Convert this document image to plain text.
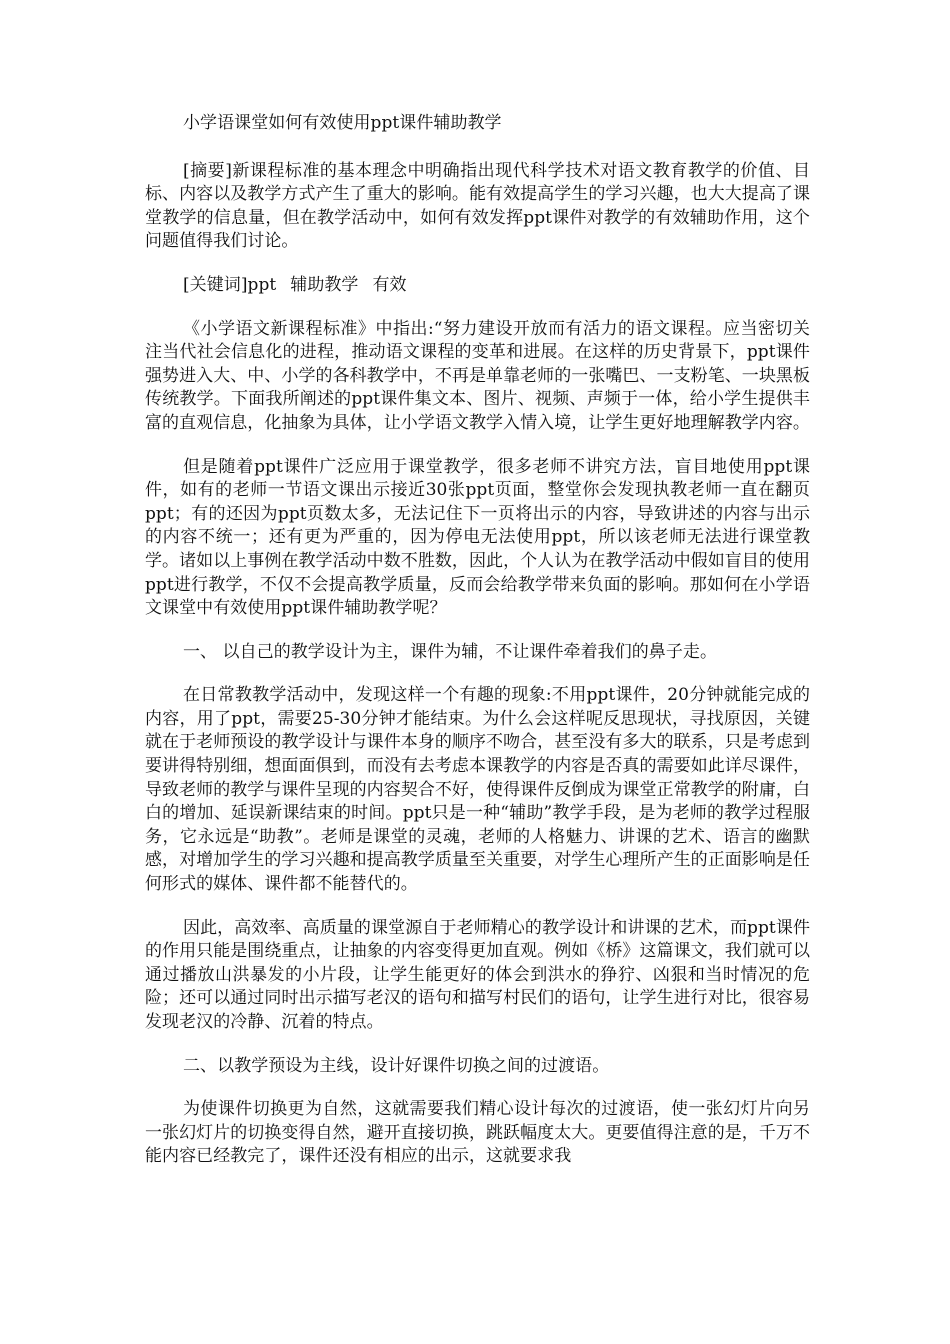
小学语课堂如何有效使用ppt课件辅助教学

[摘要]新课程标准的基本理念中明确指出现代科学技术对语文教育教学的价值、目标、内容以及教学方式产生了重大的影响。能有效提高学生的学习兴趣，也大大提高了课堂教学的信息量，但在教学活动中，如何有效发挥ppt课件对教学的有效辅助作用，这个问题值得我们讨论。

[关键词]ppt 辅助教学 有效

《小学语文新课程标准》中指出:“努力建设开放而有活力的语文课程。应当密切关注当代社会信息化的进程，推动语文课程的变革和进展。在这样的历史背景下，ppt课件强势进入大、中、小学的各科教学中，不再是单靠老师的一张嘴巴、一支粉笔、一块黑板传统教学。下面我所阐述的ppt课件集文本、图片、视频、声频于一体，给小学生提供丰富的直观信息，化抽象为具体，让小学语文教学入情入境，让学生更好地理解教学内容。

但是随着ppt课件广泛应用于课堂教学，很多老师不讲究方法，盲目地使用ppt课件，如有的老师一节语文课出示接近30张ppt页面，整堂你会发现执教老师一直在翻页ppt；有的还因为ppt页数太多，无法记住下一页将出示的内容，导致讲述的内容与出示的内容不统一；还有更为严重的，因为停电无法使用ppt，所以该老师无法进行课堂教学。诸如以上事例在教学活动中数不胜数，因此，个人认为在教学活动中假如盲目的使用ppt进行教学，不仅不会提高教学质量，反而会给教学带来负面的影响。那如何在小学语文课堂中有效使用ppt课件辅助教学呢？

一、 以自己的教学设计为主，课件为辅，不让课件牵着我们的鼻子走。

在日常教教学活动中，发现这样一个有趣的现象:不用ppt课件，20分钟就能完成的内容，用了ppt，需要25-30分钟才能结束。为什么会这样呢反思现状，寻找原因，关键就在于老师预设的教学设计与课件本身的顺序不吻合，甚至没有多大的联系，只是考虑到要讲得特别细，想面面俱到，而没有去考虑本课教学的内容是否真的需要如此详尽课件，导致老师的教学与课件呈现的内容契合不好，使得课件反倒成为课堂正常教学的附庸，白白的增加、延误新课结束的时间。ppt只是一种“辅助”教学手段，是为老师的教学过程服务，它永远是“助教”。老师是课堂的灵魂，老师的人格魅力、讲课的艺术、语言的幽默感，对增加学生的学习兴趣和提高教学质量至关重要，对学生心理所产生的正面影响是任何形式的媒体、课件都不能替代的。

因此，高效率、高质量的课堂源自于老师精心的教学设计和讲课的艺术，而ppt课件的作用只能是围绕重点，让抽象的内容变得更加直观。例如《桥》这篇课文，我们就可以通过播放山洪暴发的小片段，让学生能更好的体会到洪水的狰狞、凶狠和当时情况的危险；还可以通过同时出示描写老汉的语句和描写村民们的语句，让学生进行对比，很容易发现老汉的冷静、沉着的特点。

二、以教学预设为主线，设计好课件切换之间的过渡语。

为使课件切换更为自然，这就需要我们精心设计每次的过渡语，使一张幻灯片向另一张幻灯片的切换变得自然，避开直接切换，跳跃幅度太大。更要值得注意的是，千万不能内容已经教完了，课件还没有相应的出示，这就要求我
